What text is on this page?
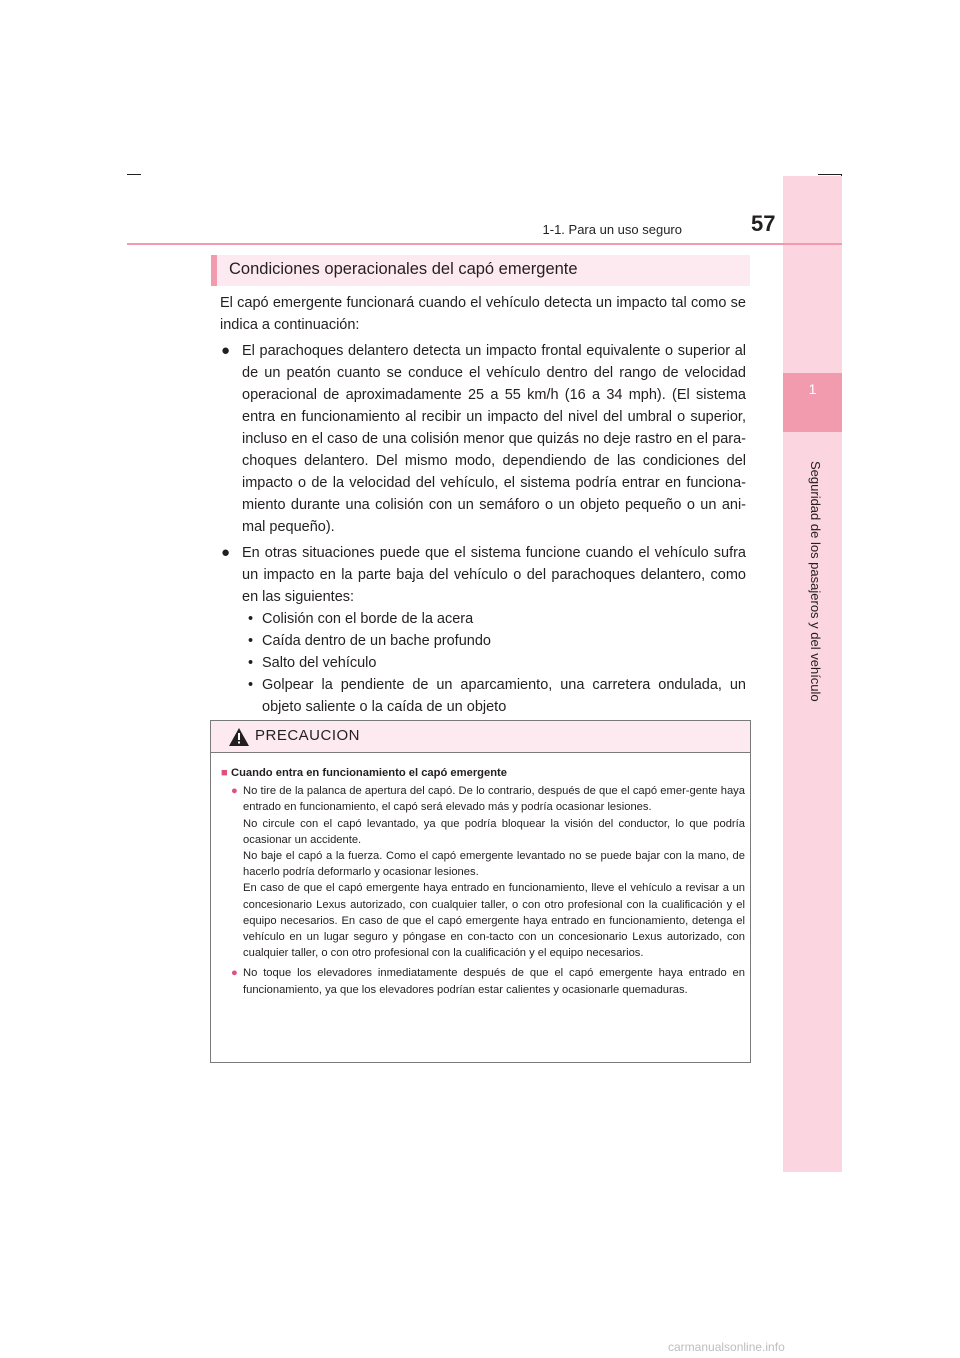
1
Seguridad de los pasajeros y del vehículo
1-1. Para un uso seguro	57
Condiciones operacionales del capó emergente

El capó emergente funcionará cuando el vehículo detecta un impacto tal como se indica a continuación:

● El parachoques delantero detecta un impacto frontal equivalente o superior al de un peatón cuanto se conduce el vehículo dentro del rango de velocidad operacional de aproximadamente 25 a 55 km/h (16 a 34 mph). (El sistema entra en funcionamiento al recibir un impacto del nivel del umbral o superior, incluso en el caso de una colisión menor que quizás no deje rastro en el para-choques delantero. Del mismo modo, dependiendo de las condiciones del impacto o de la velocidad del vehículo, el sistema podría entrar en funciona-miento durante una colisión con un semáforo o un objeto pequeño o un ani-mal pequeño).

● En otras situaciones puede que el sistema funcione cuando el vehículo sufra un impacto en la parte baja del vehículo o del parachoques delantero, como en las siguientes:

• Colisión con el borde de la acera
• Caída dentro de un bache profundo
• Salto del vehículo
• Golpear la pendiente de un aparcamiento, una carretera ondulada, un objeto saliente o la caída de un objeto
PRECAUCION
■ Cuando entra en funcionamiento el capó emergente
● No tire de la palanca de apertura del capó. De lo contrario, después de que el capó emer-gente haya entrado en funcionamiento, el capó será elevado más y podría ocasionar lesiones.

No circule con el capó levantado, ya que podría bloquear la visión del conductor, lo que podría ocasionar un accidente.

No baje el capó a la fuerza. Como el capó emergente levantado no se puede bajar con la mano, de hacerlo podría deformarlo y ocasionar lesiones.

En caso de que el capó emergente haya entrado en funcionamiento, lleve el vehículo a revisar a un concesionario Lexus autorizado, con cualquier taller, o con otro profesional con la cualificación y el equipo necesarios. En caso de que el capó emergente haya entrado en funcionamiento, detenga el vehículo en un lugar seguro y póngase en con-tacto con un concesionario Lexus autorizado, con cualquier taller, o con otro profesional con la cualificación y el equipo necesarios.

● No toque los elevadores inmediatamente después de que el capó emergente haya entrado en funcionamiento, ya que los elevadores podrían estar calientes y ocasionarle quemaduras.

carmanualsonline.info
